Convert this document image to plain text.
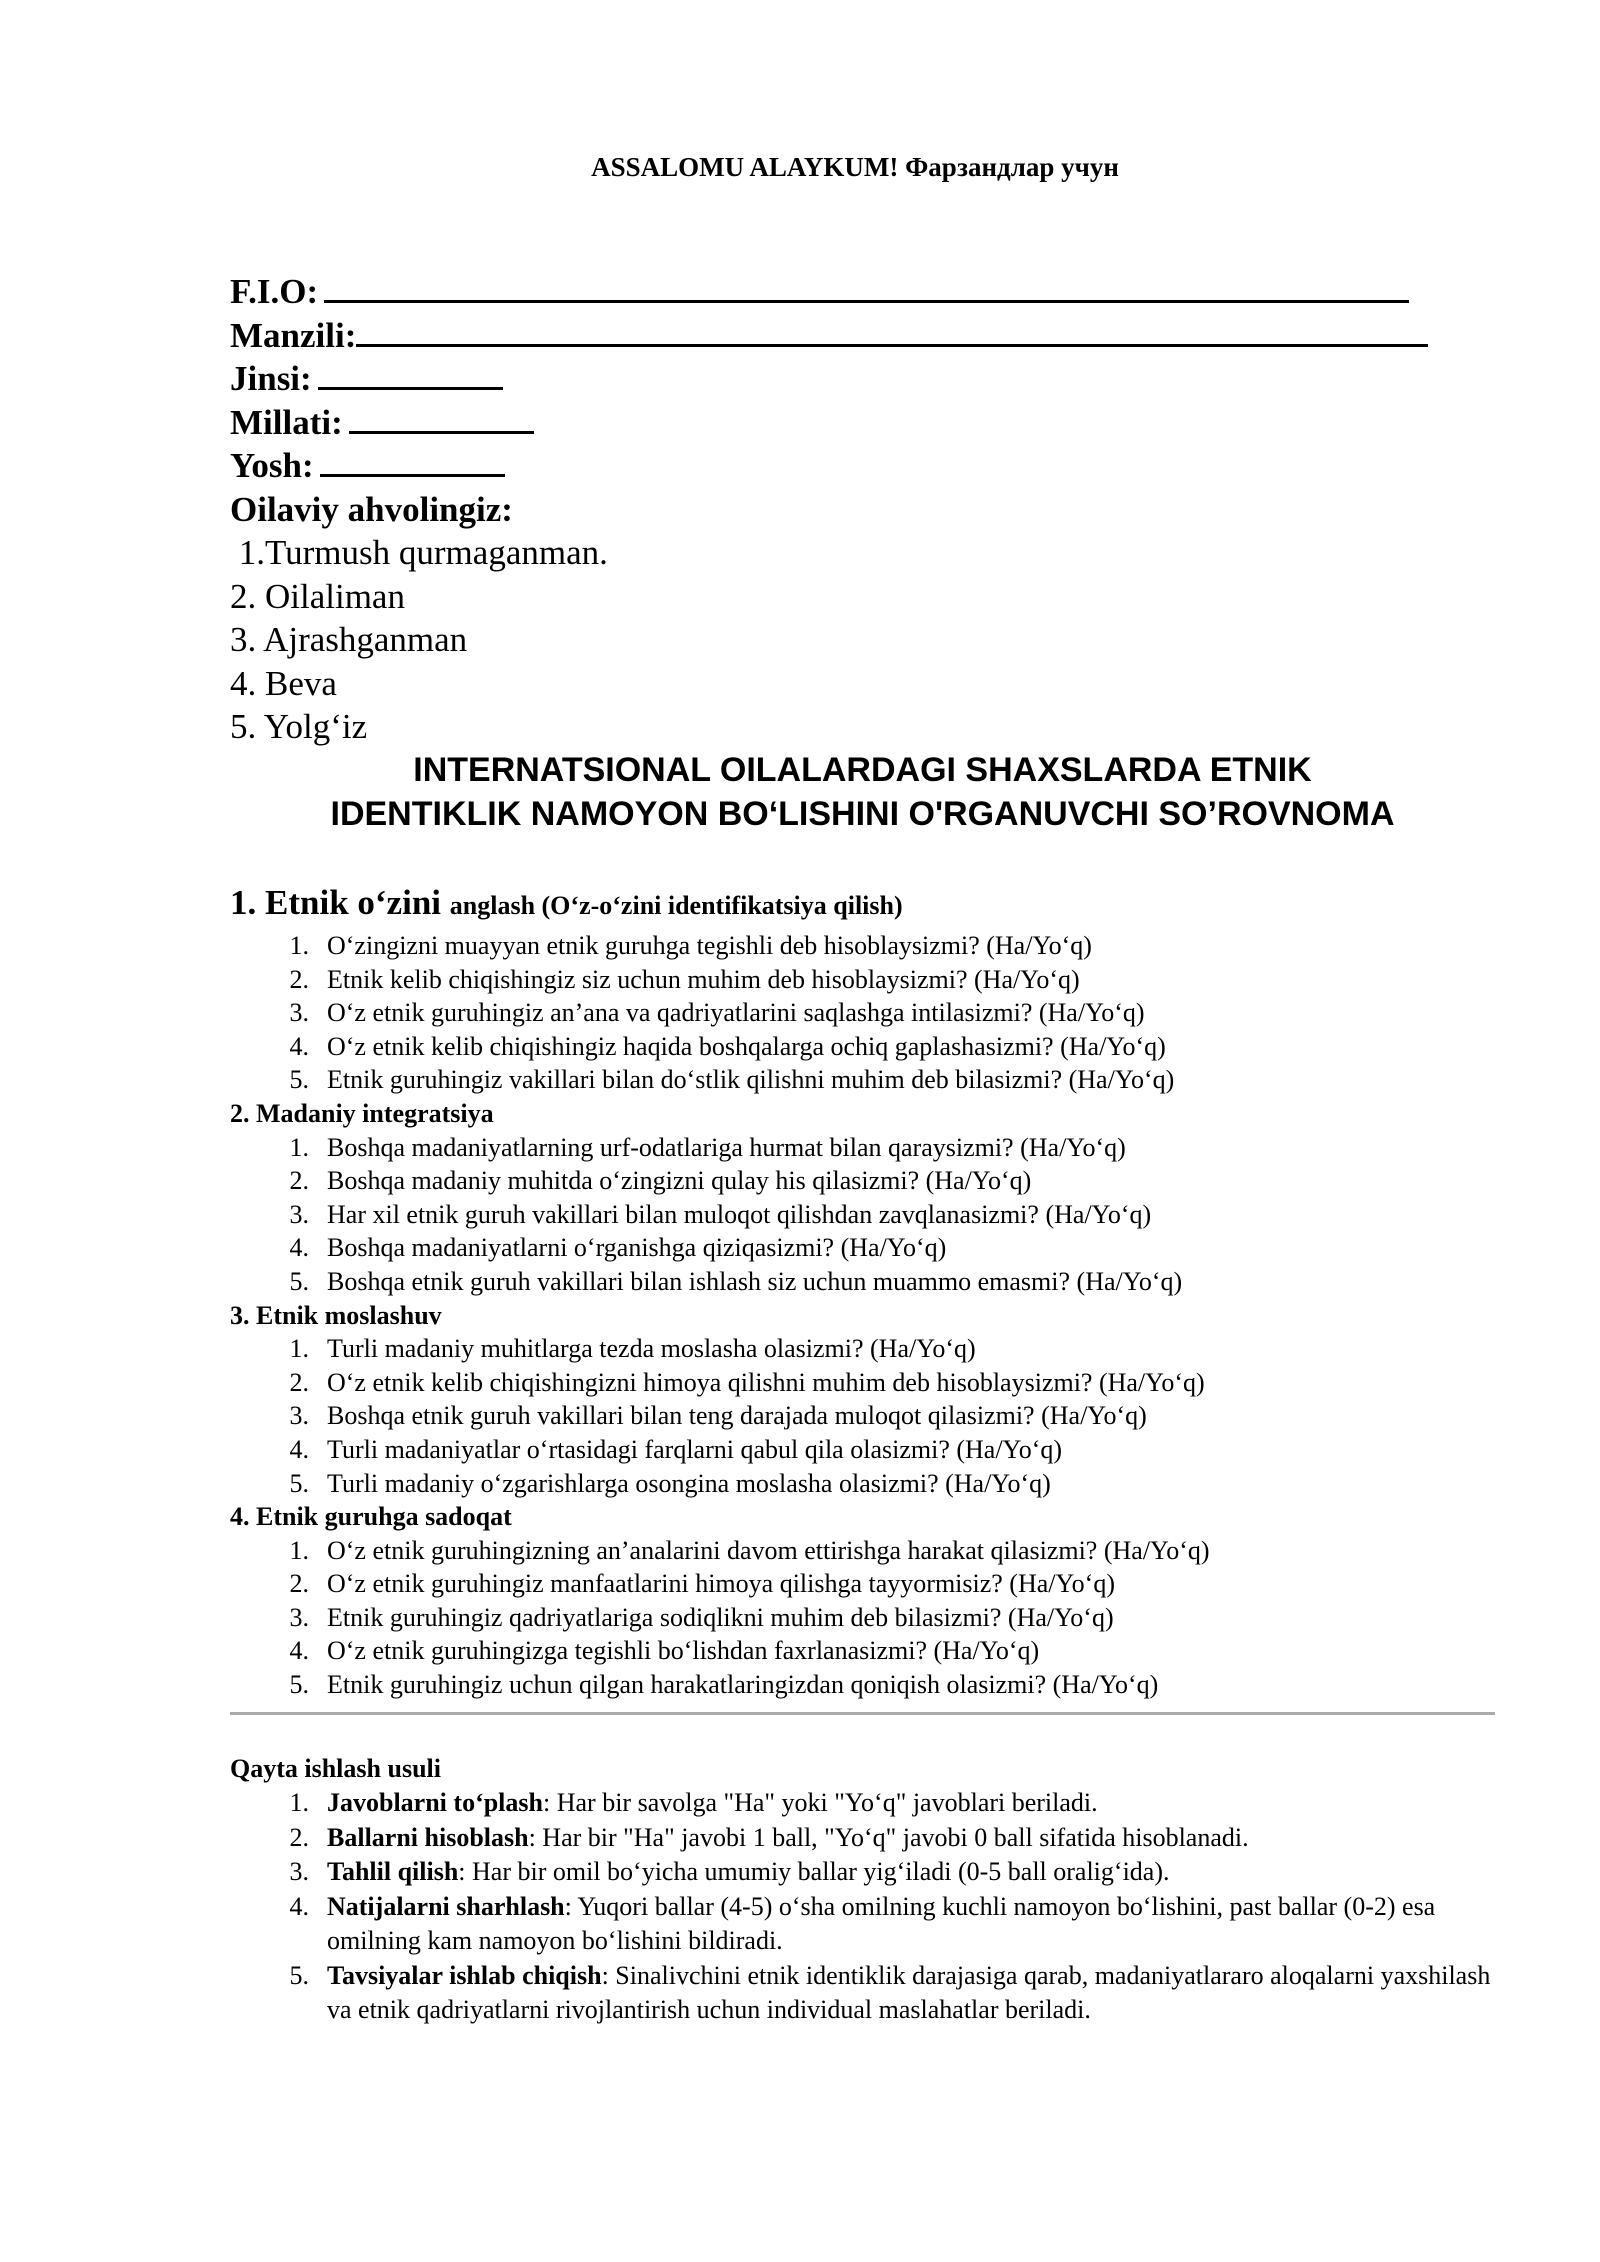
ASSALOMU ALAYKUM! Фарзандлар учун
F.I.O:
Manzili:
Jinsi:
Millati:
Yosh:
Oilaviy ahvolingiz:
1.Turmush qurmaganman.
2. Oilaliman
3. Ajrashganman
4. Beva
5. Yolg‘iz
INTERNATSIONAL OILALARDAGI SHAXSLARDA ETNIK
IDENTIKLIK NAMOYON BO‘LISHINI O'RGANUVCHI SO’ROVNOMA
1. Etnik o‘zini anglash (O‘z-o‘zini identifikatsiya qilish)
1. O‘zingizni muayyan etnik guruhga tegishli deb hisoblaysizmi? (Ha/Yo‘q)
2. Etnik kelib chiqishingiz siz uchun muhim deb hisoblaysizmi? (Ha/Yo‘q)
3. O‘z etnik guruhingiz an’ana va qadriyatlarini saqlashga intilasizmi? (Ha/Yo‘q)
4. O‘z etnik kelib chiqishingiz haqida boshqalarga ochiq gaplashasizmi? (Ha/Yo‘q)
5. Etnik guruhingiz vakillari bilan do‘stlik qilishni muhim deb bilasizmi? (Ha/Yo‘q)
2. Madaniy integratsiya
1. Boshqa madaniyatlarning urf-odatlariga hurmat bilan qaraysizmi? (Ha/Yo‘q)
2. Boshqa madaniy muhitda o‘zingizni qulay his qilasizmi? (Ha/Yo‘q)
3. Har xil etnik guruh vakillari bilan muloqot qilishdan zavqlanasizmi? (Ha/Yo‘q)
4. Boshqa madaniyatlarni o‘rganishga qiziqasizmi? (Ha/Yo‘q)
5. Boshqa etnik guruh vakillari bilan ishlash siz uchun muammo emasmi? (Ha/Yo‘q)
3. Etnik moslashuv
1. Turli madaniy muhitlarga tezda moslasha olasizmi? (Ha/Yo‘q)
2. O‘z etnik kelib chiqishingizni himoya qilishni muhim deb hisoblaysizmi? (Ha/Yo‘q)
3. Boshqa etnik guruh vakillari bilan teng darajada muloqot qilasizmi? (Ha/Yo‘q)
4. Turli madaniyatlar o‘rtasidagi farqlarni qabul qila olasizmi? (Ha/Yo‘q)
5. Turli madaniy o‘zgarishlarga osongina moslasha olasizmi? (Ha/Yo‘q)
4. Etnik guruhga sadoqat
1. O‘z etnik guruhingizning an’analarini davom ettirishga harakat qilasizmi? (Ha/Yo‘q)
2. O‘z etnik guruhingiz manfaatlarini himoya qilishga tayyormisiz? (Ha/Yo‘q)
3. Etnik guruhingiz qadriyatlariga sodiqlikni muhim deb bilasizmi? (Ha/Yo‘q)
4. O‘z etnik guruhingizga tegishli bo‘lishdan faxrlanasizmi? (Ha/Yo‘q)
5. Etnik guruhingiz uchun qilgan harakatlaringizdan qoniqish olasizmi? (Ha/Yo‘q)
Qayta ishlash usuli
1. Javoblarni to‘plash: Har bir savolga "Ha" yoki "Yo‘q" javoblari beriladi.
2. Ballarni hisoblash: Har bir "Ha" javobi 1 ball, "Yo‘q" javobi 0 ball sifatida hisoblanadi.
3. Tahlil qilish: Har bir omil bo‘yicha umumiy ballar yig‘iladi (0-5 ball oralig‘ida).
4. Natijalarni sharhlash: Yuqori ballar (4-5) o‘sha omilning kuchli namoyon bo‘lishini, past ballar (0-2) esa omilning kam namoyon bo‘lishini bildiradi.
5. Tavsiyalar ishlab chiqish: Sinalivchini etnik identiklik darajasiga qarab, madaniyatlararo aloqalarni yaxshilash va etnik qadriyatlarni rivojlantirish uchun individual maslahatlar beriladi.
